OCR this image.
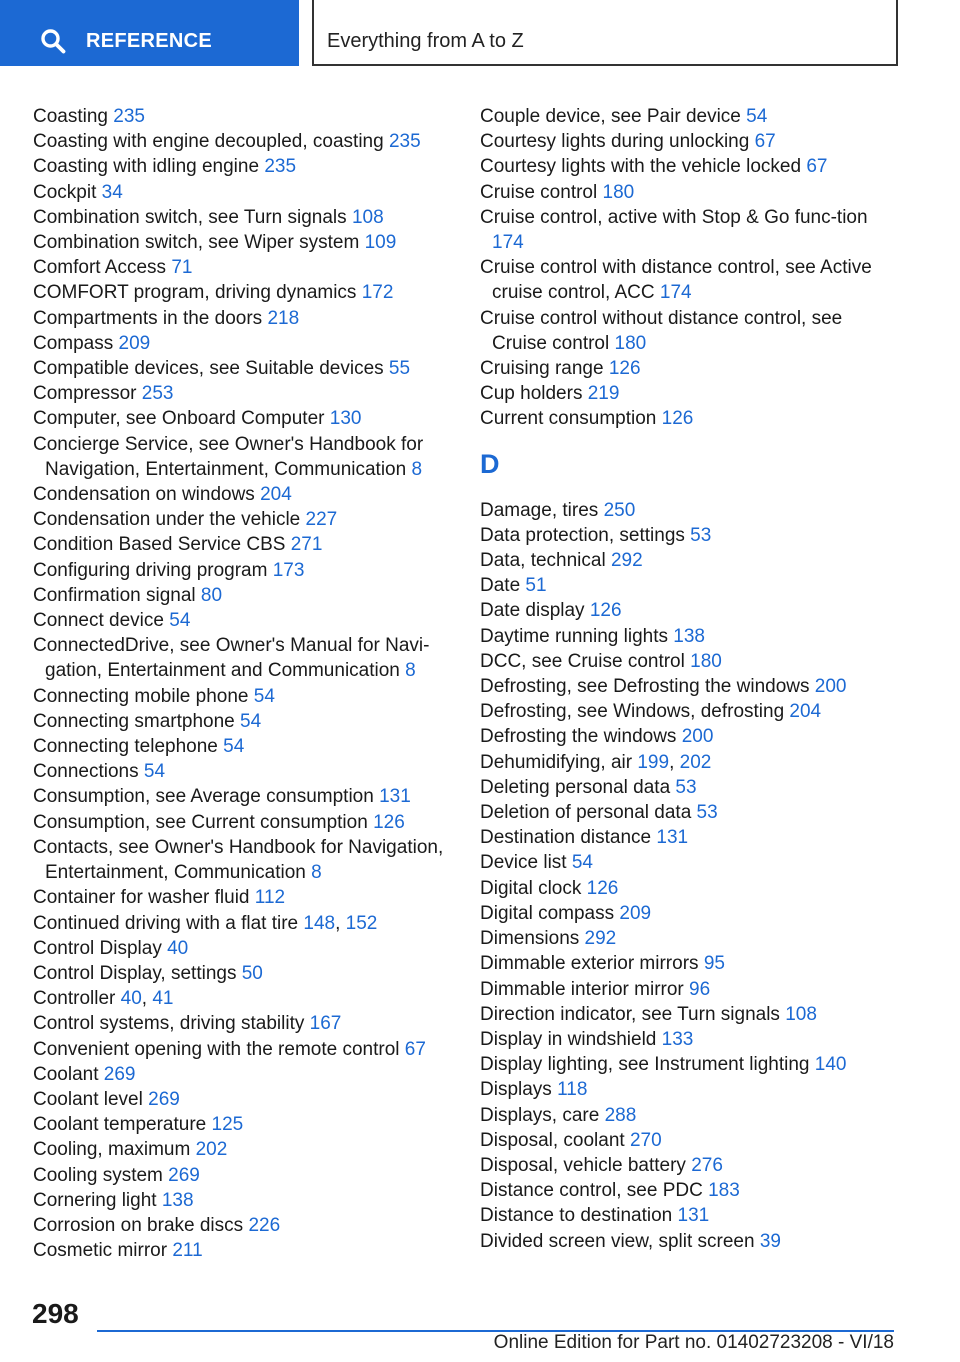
REFERENCE	Everything from A to Z
Coasting 235
Coasting with engine decoupled, coasting 235
Coasting with idling engine 235
Cockpit 34
Combination switch, see Turn signals 108
Combination switch, see Wiper system 109
Comfort Access 71
COMFORT program, driving dynamics 172
Compartments in the doors 218
Compass 209
Compatible devices, see Suitable devices 55
Compressor 253
Computer, see Onboard Computer 130
Concierge Service, see Owner's Handbook for Navigation, Entertainment, Communication 8
Condensation on windows 204
Condensation under the vehicle 227
Condition Based Service CBS 271
Configuring driving program 173
Confirmation signal 80
Connect device 54
ConnectedDrive, see Owner's Manual for Navi‐gation, Entertainment and Communication 8
Connecting mobile phone 54
Connecting smartphone 54
Connecting telephone 54
Connections 54
Consumption, see Average consumption 131
Consumption, see Current consumption 126
Contacts, see Owner's Handbook for Navigation, Entertainment, Communication 8
Container for washer fluid 112
Continued driving with a flat tire 148, 152
Control Display 40
Control Display, settings 50
Controller 40, 41
Control systems, driving stability 167
Convenient opening with the remote control 67
Coolant 269
Coolant level 269
Coolant temperature 125
Cooling, maximum 202
Cooling system 269
Cornering light 138
Corrosion on brake discs 226
Cosmetic mirror 211
Couple device, see Pair device 54
Courtesy lights during unlocking 67
Courtesy lights with the vehicle locked 67
Cruise control 180
Cruise control, active with Stop & Go func‐tion 174
Cruise control with distance control, see Active cruise control, ACC 174
Cruise control without distance control, see Cruise control 180
Cruising range 126
Cup holders 219
Current consumption 126
D
Damage, tires 250
Data protection, settings 53
Data, technical 292
Date 51
Date display 126
Daytime running lights 138
DCC, see Cruise control 180
Defrosting, see Defrosting the windows 200
Defrosting, see Windows, defrosting 204
Defrosting the windows 200
Dehumidifying, air 199, 202
Deleting personal data 53
Deletion of personal data 53
Destination distance 131
Device list 54
Digital clock 126
Digital compass 209
Dimensions 292
Dimmable exterior mirrors 95
Dimmable interior mirror 96
Direction indicator, see Turn signals 108
Display in windshield 133
Display lighting, see Instrument lighting 140
Displays 118
Displays, care 288
Disposal, coolant 270
Disposal, vehicle battery 276
Distance control, see PDC 183
Distance to destination 131
Divided screen view, split screen 39
298
Online Edition for Part no. 01402723208 - VI/18
